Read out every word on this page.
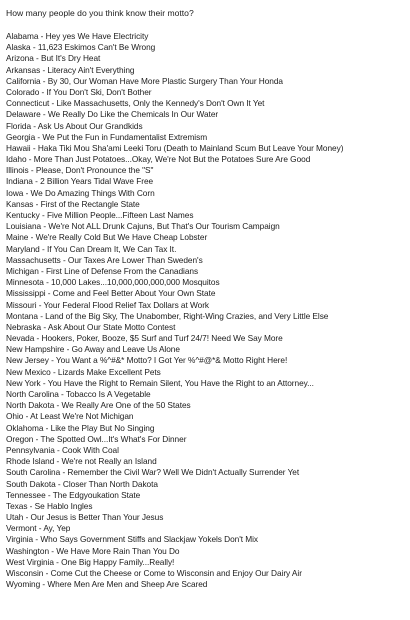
How many people do you think know their motto?
Alabama - Hey yes We Have Electricity
Alaska - 11,623 Eskimos Can't Be Wrong
Arizona - But It's Dry Heat
Arkansas - Literacy Ain't Everything
California - By 30, Our Woman Have More Plastic Surgery Than Your Honda
Colorado - If You Don't Ski, Don't Bother
Connecticut - Like Massachusetts, Only the Kennedy's Don't Own It Yet
Delaware - We Really Do Like the Chemicals In Our Water
Florida - Ask Us About Our Grandkids
Georgia - We Put the Fun in Fundamentalist Extremism
Hawaii - Haka Tiki Mou Sha'ami Leeki Toru (Death to Mainland Scum But Leave Your Money)
Idaho - More Than Just Potatoes...Okay, We're Not But the Potatoes Sure Are Good
Illinois - Please, Don't Pronounce the "S"
Indiana - 2 Billion Years Tidal Wave Free
Iowa - We Do Amazing Things With Corn
Kansas - First of the Rectangle State
Kentucky - Five Million People...Fifteen Last Names
Louisiana - We're Not ALL Drunk Cajuns, But That's Our Tourism Campaign
Maine - We're Really Cold But We Have Cheap Lobster
Maryland - If You Can Dream It, We Can Tax It.
Massachusetts - Our Taxes Are Lower Than Sweden's
Michigan - First Line of Defense From the Canadians
Minnesota - 10,000 Lakes...10,000,000,000,000 Mosquitos
Mississippi - Come and Feel Better About Your Own State
Missouri - Your Federal Flood Relief Tax Dollars at Work
Montana - Land of the Big Sky, The Unabomber, Right-Wing Crazies, and Very Little Else
Nebraska - Ask About Our State Motto Contest
Nevada - Hookers, Poker, Booze, $5 Surf and Turf 24/7! Need We Say More
New Hampshire - Go Away and Leave Us Alone
New Jersey - You Want a %^#&* Motto? I Got Yer %^#@*& Motto Right Here!
New Mexico - Lizards Make Excellent Pets
New York - You Have the Right to Remain Silent, You Have the Right to an Attorney...
North Carolina - Tobacco Is A Vegetable
North Dakota - We Really Are One of the 50 States
Ohio - At Least We're Not Michigan
Oklahoma - Like the Play But No Singing
Oregon - The Spotted Owl...It's What's For Dinner
Pennsylvania - Cook With Coal
Rhode Island - We're not Really an Island
South Carolina - Remember the Civil War? Well We Didn't Actually Surrender Yet
South Dakota - Closer Than North Dakota
Tennessee - The Edgyoukation State
Texas - Se Hablo Ingles
Utah - Our Jesus is Better Than Your Jesus
Vermont - Ay, Yep
Virginia - Who Says Government Stiffs and Slackjaw Yokels Don't Mix
Washington - We Have More Rain Than You Do
West Virginia - One Big Happy Family...Really!
Wisconsin - Come Cut the Cheese or Come to Wisconsin and Enjoy Our Dairy Air
Wyoming - Where Men Are Men and Sheep Are Scared
